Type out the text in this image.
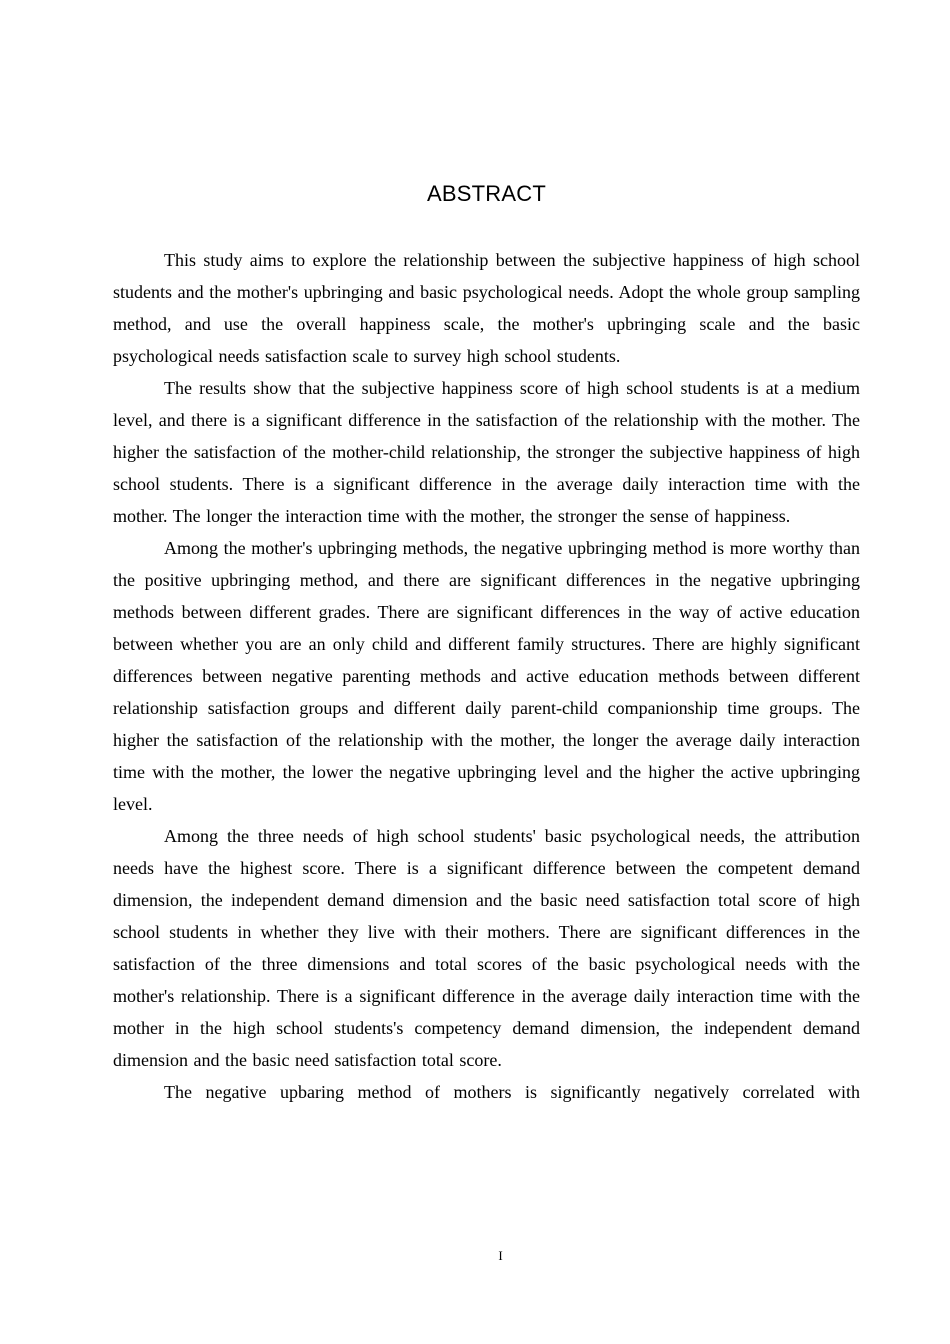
ABSTRACT

This study aims to explore the relationship between the subjective happiness of high school students and the mother's upbringing and basic psychological needs. Adopt the whole group sampling method, and use the overall happiness scale, the mother's upbringing scale and the basic psychological needs satisfaction scale to survey high school students.

The results show that the subjective happiness score of high school students is at a medium level, and there is a significant difference in the satisfaction of the relationship with the mother. The higher the satisfaction of the mother-child relationship, the stronger the subjective happiness of high school students. There is a significant difference in the average daily interaction time with the mother. The longer the interaction time with the mother, the stronger the sense of happiness.

Among the mother's upbringing methods, the negative upbringing method is more worthy than the positive upbringing method, and there are significant differences in the negative upbringing methods between different grades. There are significant differences in the way of active education between whether you are an only child and different family structures. There are highly significant differences between negative parenting methods and active education methods between different relationship satisfaction groups and different daily parent-child companionship time groups. The higher the satisfaction of the relationship with the mother, the longer the average daily interaction time with the mother, the lower the negative upbringing level and the higher the active upbringing level.

Among the three needs of high school students' basic psychological needs, the attribution needs have the highest score. There is a significant difference between the competent demand dimension, the independent demand dimension and the basic need satisfaction total score of high school students in whether they live with their mothers. There are significant differences in the satisfaction of the three dimensions and total scores of the basic psychological needs with the mother's relationship. There is a significant difference in the average daily interaction time with the mother in the high school students's competency demand dimension, the independent demand dimension and the basic need satisfaction total score.

The negative upbaring method of mothers is significantly negatively correlated with

I
